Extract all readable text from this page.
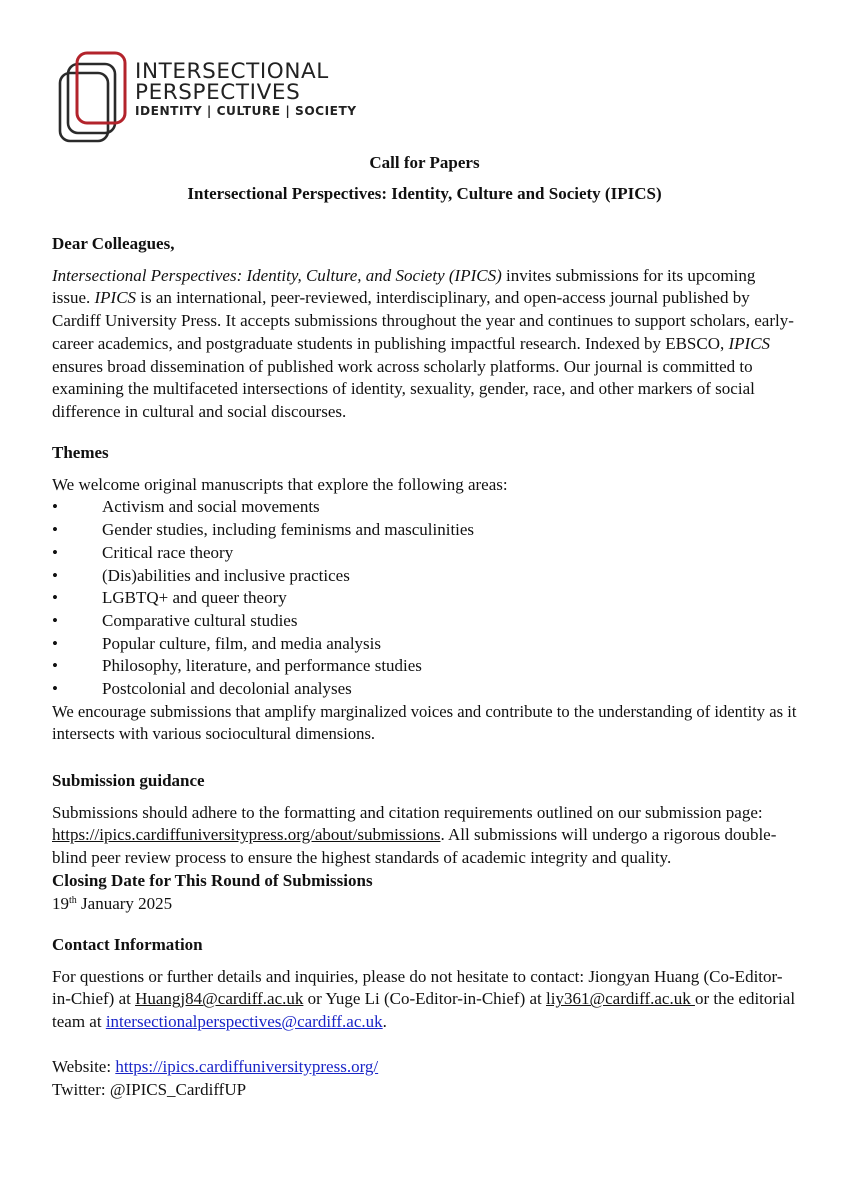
INTERSECTIONAL
PERSPECTIVES
IDENTITY | CULTURE | SOCIETY
Call for Papers
Intersectional Perspectives: Identity, Culture and Society (IPICS)

Dear Colleagues,

Intersectional Perspectives: Identity, Culture, and Society (IPICS) invites submissions for its upcoming issue. IPICS is an international, peer-reviewed, interdisciplinary, and open-access journal published by Cardiff University Press. It accepts submissions throughout the year and continues to support scholars, early-career academics, and postgraduate students in publishing impactful research. Indexed by EBSCO, IPICS ensures broad dissemination of published work across scholarly platforms. Our journal is committed to examining the multifaceted intersections of identity, sexuality, gender, race, and other markers of social difference in cultural and social discourses.

Themes

We welcome original manuscripts that explore the following areas:

•	Activism and social movements
•	Gender studies, including feminisms and masculinities
•	Critical race theory
•	(Dis)abilities and inclusive practices
•	LGBTQ+ and queer theory
•	Comparative cultural studies
•	Popular culture, film, and media analysis
•	Philosophy, literature, and performance studies
•	Postcolonial and decolonial analyses

We encourage submissions that amplify marginalized voices and contribute to the understanding of identity as it intersects with various sociocultural dimensions.

Submission guidance

Submissions should adhere to the formatting and citation requirements outlined on our submission page: https://ipics.cardiffuniversitypress.org/about/submissions. All submissions will undergo a rigorous double-blind peer review process to ensure the highest standards of academic integrity and quality.

Closing Date for This Round of Submissions

19th January 2025

Contact Information

For questions or further details and inquiries, please do not hesitate to contact: Jiongyan Huang (Co-Editor-in-Chief) at Huangj84@cardiff.ac.uk or Yuge Li (Co-Editor-in-Chief) at liy361@cardiff.ac.uk or the editorial team at intersectionalperspectives@cardiff.ac.uk.

Website: https://ipics.cardiffuniversitypress.org/

Twitter: @IPICS_CardiffUP
